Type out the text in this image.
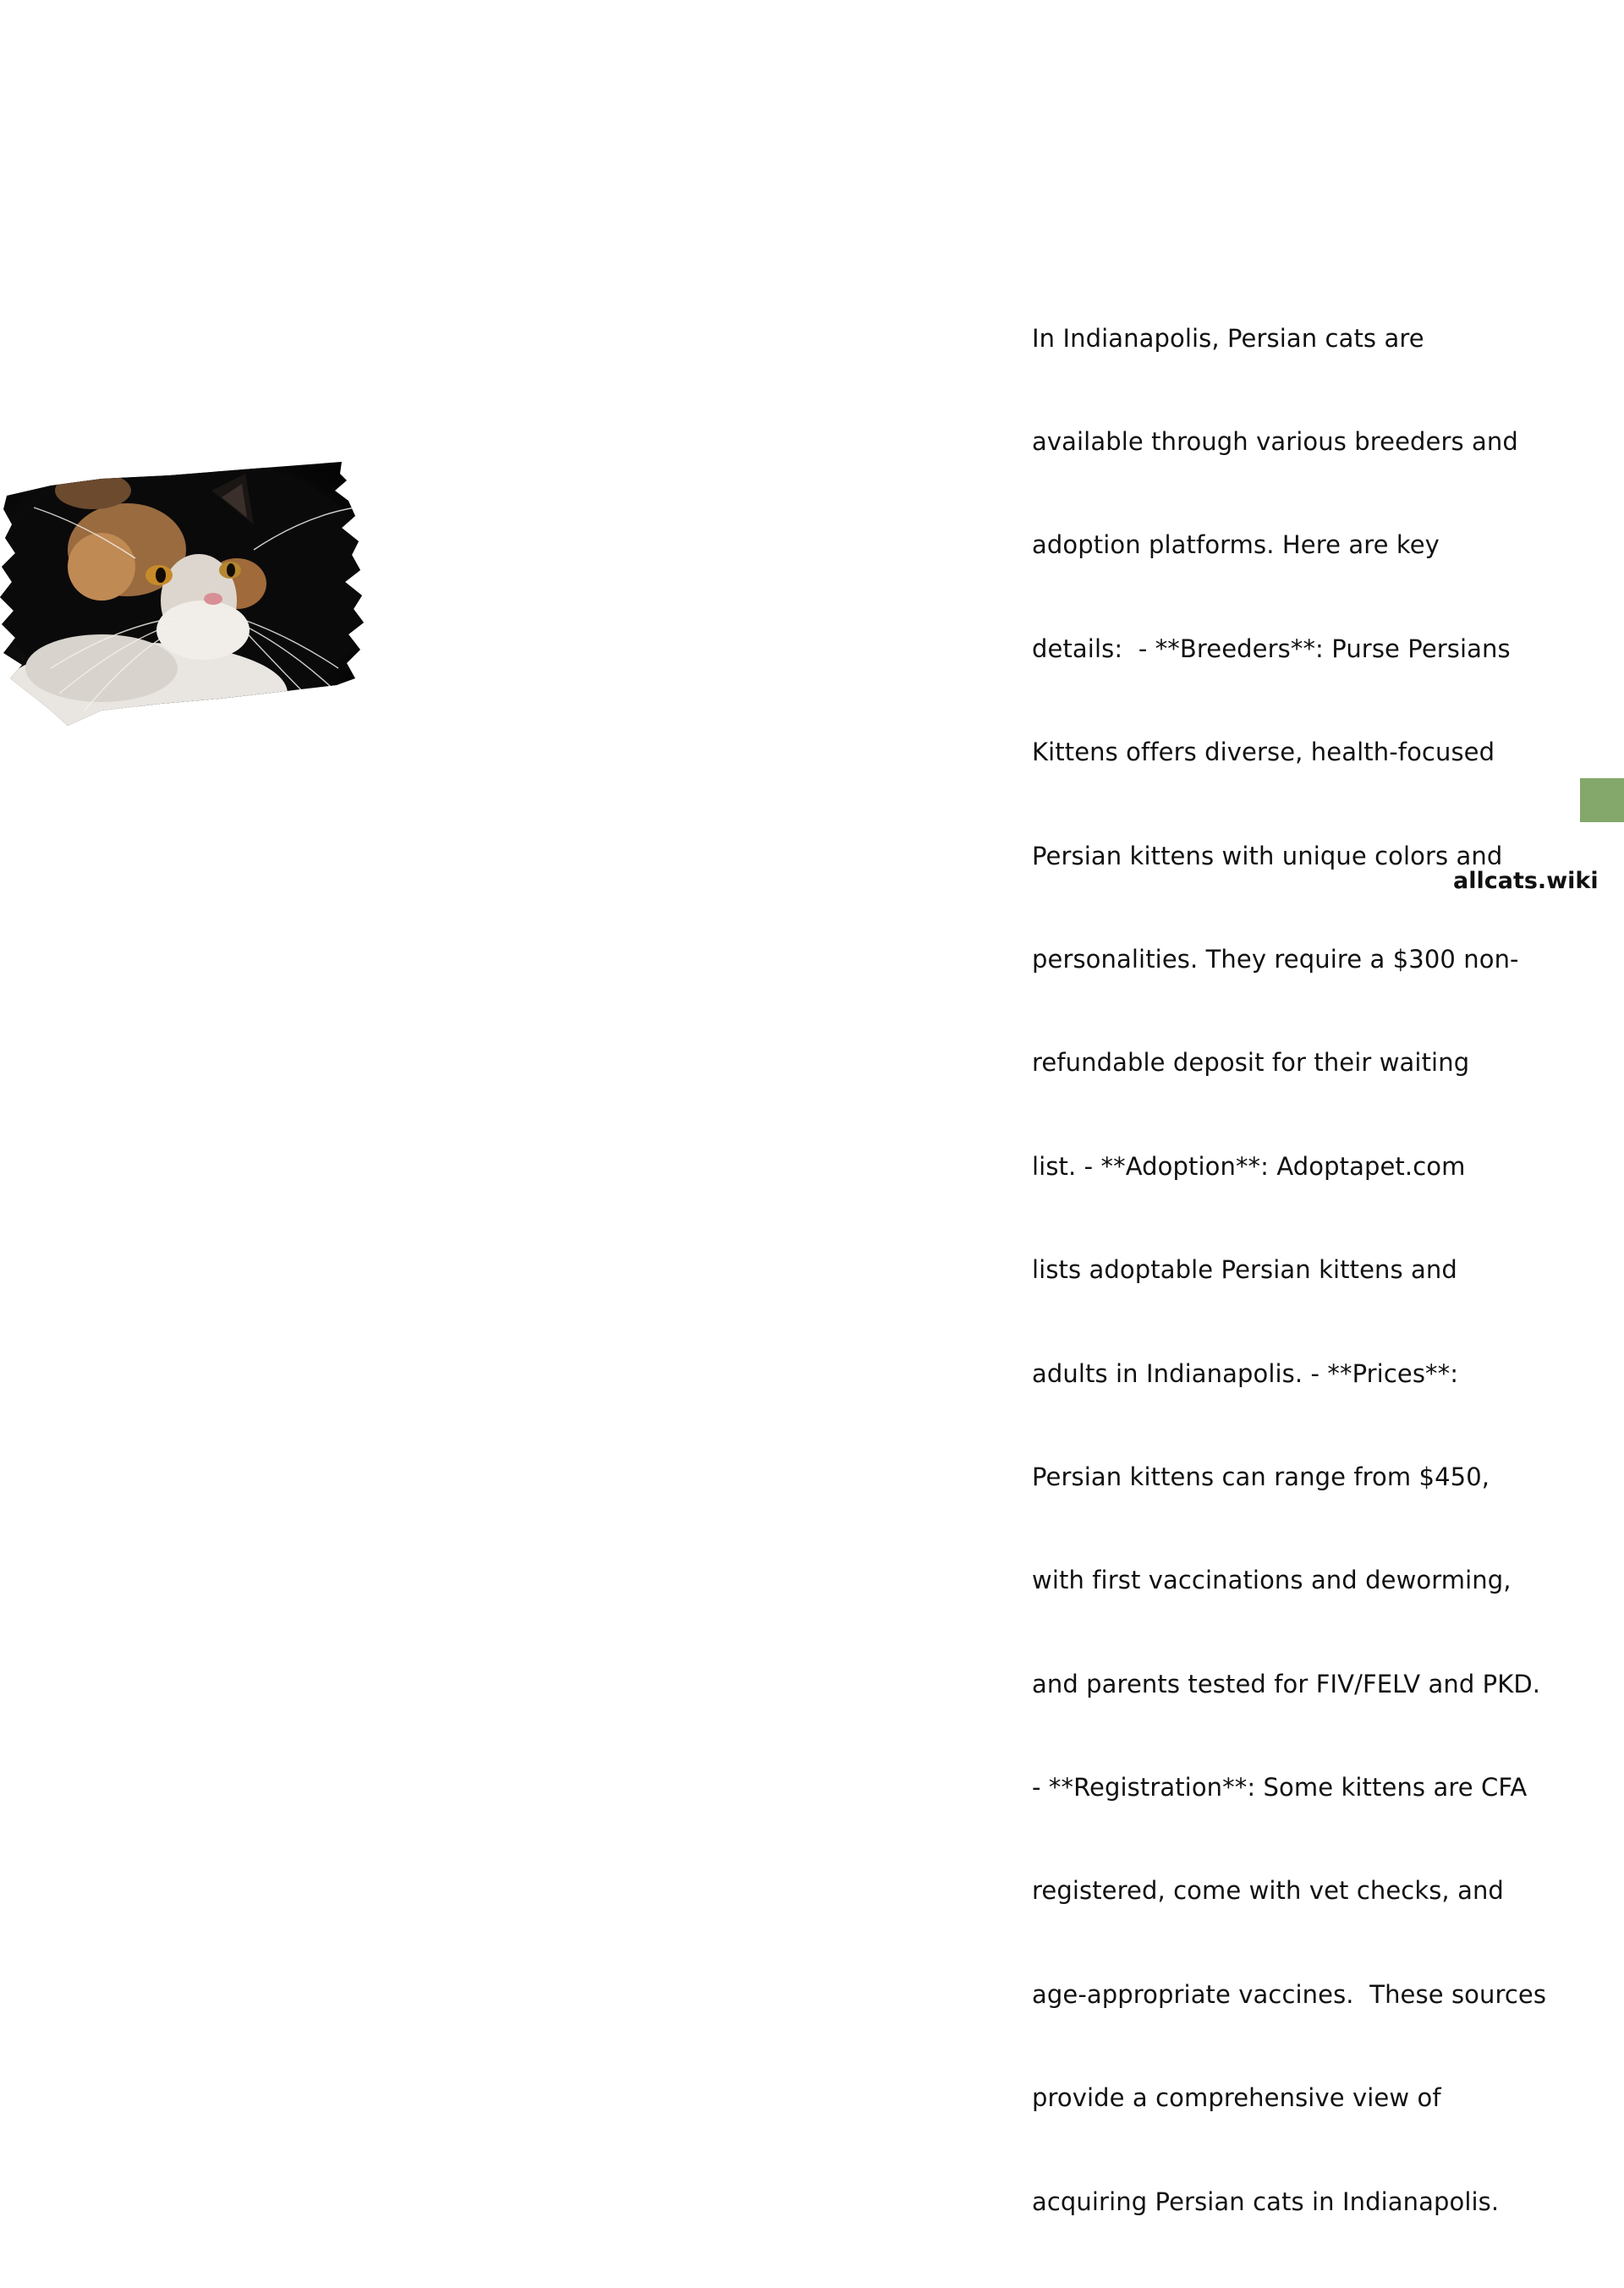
In Indianapolis, Persian cats are

available through various breeders and

adoption platforms. Here are key

details:  - **Breeders**: Purse Persians

Kittens offers diverse, health-focused

Persian kittens with unique colors and

personalities. They require a $300 non-

refundable deposit for their waiting

list. - **Adoption**: Adoptapet.com

lists adoptable Persian kittens and

adults in Indianapolis. - **Prices**:

Persian kittens can range from $450,

with first vaccinations and deworming,

and parents tested for FIV/FELV and PKD.

- **Registration**: Some kittens are CFA

registered, come with vet checks, and

age-appropriate vaccines.  These sources

provide a comprehensive view of

acquiring Persian cats in Indianapolis.

allcats.wiki
